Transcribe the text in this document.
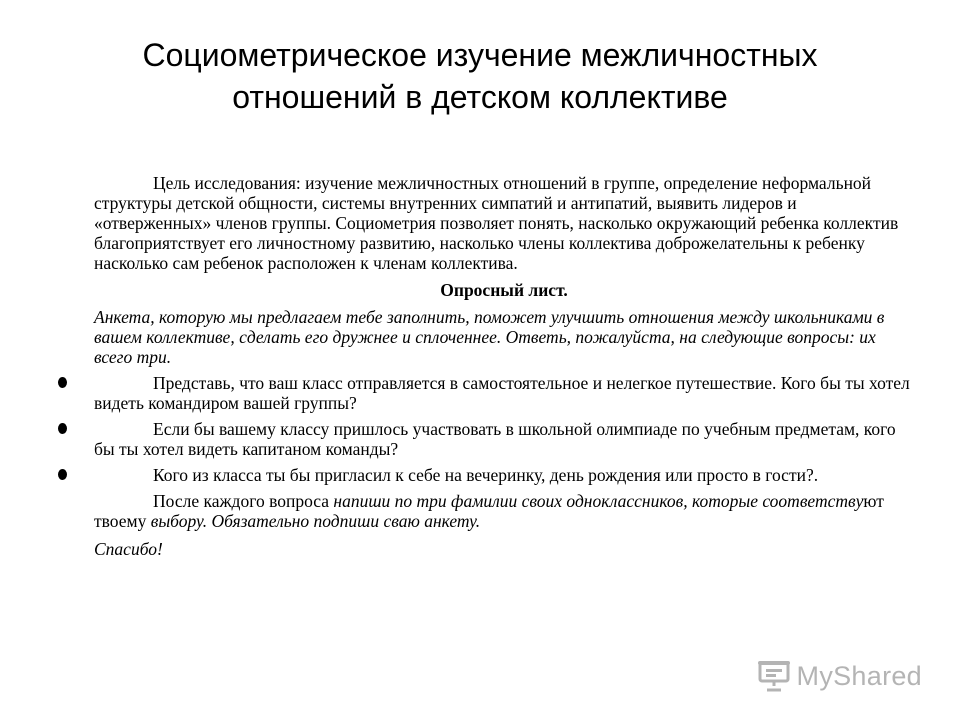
Социометрическое изучение межличностных
отношений в детском коллективе

Цель исследования: изучение межличностных отношений в группе, определение неформальной структуры детской общности, системы внутренних симпатий и антипатий, выявить лидеров и «отверженных» членов группы. Социометрия позволяет понять, насколько окружающий ребенка коллектив благоприятствует его личностному развитию, насколько члены коллектива доброжелательны к ребенку насколько сам ребенок расположен к членам коллектива.

Опросный лист.

Анкета, которую мы предлагаем тебе заполнить, поможет улучшить отношения между школьниками в вашем коллективе, сделать его дружнее и сплоченнее. Ответь, пожалуйста, на следующие вопросы: их всего три.

Представь, что ваш класс отправляется в самостоятельное и нелегкое путешествие. Кого бы ты хотел видеть командиром вашей группы?

Если бы вашему классу пришлось участвовать в школьной олимпиаде по учебным предметам, кого бы ты хотел видеть капитаном команды?

Кого из класса ты бы пригласил к себе на вечеринку, день рождения или просто в гости?.

После каждого вопроса напиши по три фамилии своих одноклассников, которые соответствуют твоему выбору. Обязательно подпиши сваю анкету.

Спасибо!

MyShared
